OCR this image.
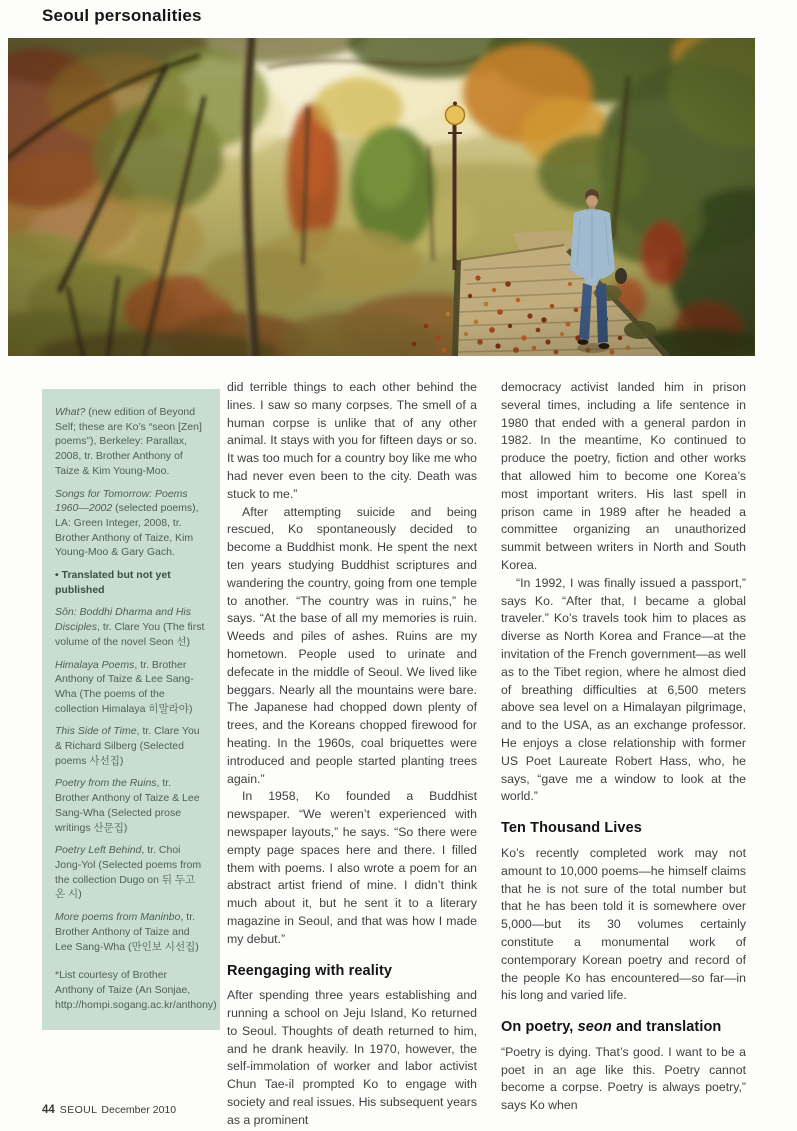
Seoul personalities

What? (new edition of Beyond Self; these are Ko’s “seon [Zen] poems”), Berkeley: Parallax, 2008, tr. Brother Anthony of Taize & Kim Young-Moo.

Songs for Tomorrow: Poems 1960—2002 (selected poems), LA: Green Integer, 2008, tr. Brother Anthony of Taize, Kim Young-Moo & Gary Gach.

• Translated but not yet published

Sŏn: Boddhi Dharma and His Disciples, tr. Clare You (The first volume of the novel Seon 선)

Himalaya Poems, tr. Brother Anthony of Taize & Lee Sang-Wha (The poems of the collection Himalaya 히말라야)

This Side of Time, tr. Clare You & Richard Silberg (Selected poems 사선집)

Poetry from the Ruins, tr. Brother Anthony of Taize & Lee Sang-Wha (Selected prose writings 산문집)

Poetry Left Behind, tr. Choi Jong-Yol (Selected poems from the collection Dugo on 뒤 두고 온 시)

More poems from Maninbo, tr. Brother Anthony of Taize and Lee Sang-Wha (만인보 시선집)

*List courtesy of Brother Anthony of Taize (An Sonjae, http://hompi.sogang.ac.kr/anthony)

did terrible things to each other behind the lines. I saw so many corpses. The smell of a human corpse is unlike that of any other animal. It stays with you for fifteen days or so. It was too much for a country boy like me who had never even been to the city. Death was stuck to me.”

After attempting suicide and being rescued, Ko spontaneously decided to become a Buddhist monk. He spent the next ten years studying Buddhist scriptures and wandering the country, going from one temple to another. “The country was in ruins,” he says. “At the base of all my memories is ruin. Weeds and piles of ashes. Ruins are my hometown. People used to urinate and defecate in the middle of Seoul. We lived like beggars. Nearly all the mountains were bare. The Japanese had chopped down plenty of trees, and the Koreans chopped firewood for heating. In the 1960s, coal briquettes were introduced and people started planting trees again.”

In 1958, Ko founded a Buddhist newspaper. “We weren’t experienced with newspaper layouts,” he says. “So there were empty page spaces here and there. I filled them with poems. I also wrote a poem for an abstract artist friend of mine. I didn’t think much about it, but he sent it to a literary magazine in Seoul, and that was how I made my debut.”

Reengaging with reality

After spending three years establishing and running a school on Jeju Island, Ko returned to Seoul. Thoughts of death returned to him, and he drank heavily. In 1970, however, the self-immolation of worker and labor activist Chun Tae-il prompted Ko to engage with society and real issues. His subsequent years as a prominent

democracy activist landed him in prison several times, including a life sentence in 1980 that ended with a general pardon in 1982. In the meantime, Ko continued to produce the poetry, fiction and other works that allowed him to become one Korea’s most important writers. His last spell in prison came in 1989 after he headed a committee organizing an unauthorized summit between writers in North and South Korea.

“In 1992, I was finally issued a passport,” says Ko. “After that, I became a global traveler.” Ko’s travels took him to places as diverse as North Korea and France—at the invitation of the French government—as well as to the Tibet region, where he almost died of breathing difficulties at 6,500 meters above sea level on a Himalayan pilgrimage, and to the USA, as an exchange professor. He enjoys a close relationship with former US Poet Laureate Robert Hass, who, he says, “gave me a window to look at the world.”

Ten Thousand Lives

Ko’s recently completed work may not amount to 10,000 poems—he himself claims that he is not sure of the total number but that he has been told it is somewhere over 5,000—but its 30 volumes certainly constitute a monumental work of contemporary Korean poetry and record of the people Ko has encountered—so far—in his long and varied life.

On poetry, seon and translation

“Poetry is dying. That’s good. I want to be a poet in an age like this. Poetry cannot become a corpse. Poetry is always poetry,” says Ko when

44 SEOUL December 2010
